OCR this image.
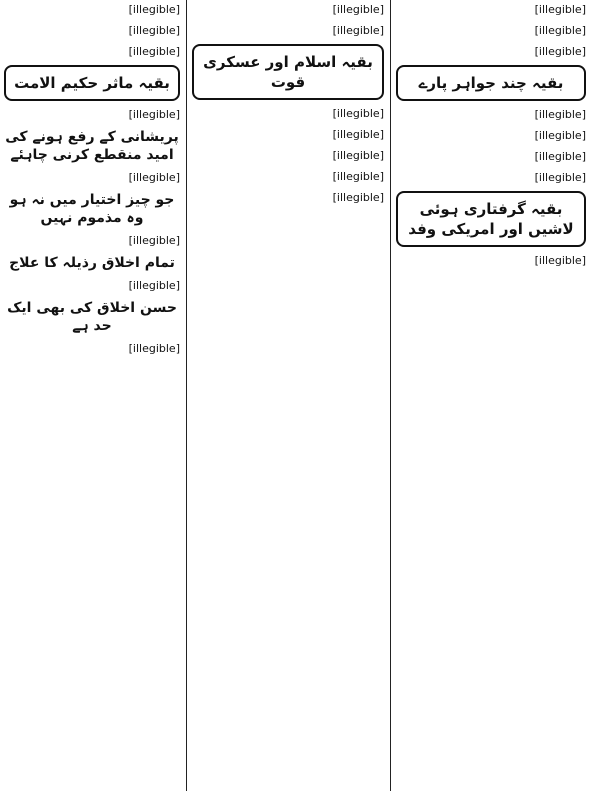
[illegible]
[illegible]
[illegible]
بقیہ ماثر حکیم الامت
[illegible]
پریشانی کے رفع ہونے کی امید منقطع کرنی چاہئے
[illegible]
جو چیز اختیار میں نہ ہو وہ مذموم نہیں
[illegible]
تمام اخلاق رذیلہ کا علاج
[illegible]
حسن اخلاق کی بھی ایک حد ہے
[illegible]
[illegible]
[illegible]
بقیہ اسلام اور عسکری قوت
[illegible]
[illegible]
[illegible]
[illegible]
[illegible]
[illegible]
[illegible]
[illegible]
بقیہ چند جواہر پارے
[illegible]
[illegible]
[illegible]
[illegible]
بقیہ گرفتاری ہوئی لاشیں اور امریکی وفد
[illegible]
